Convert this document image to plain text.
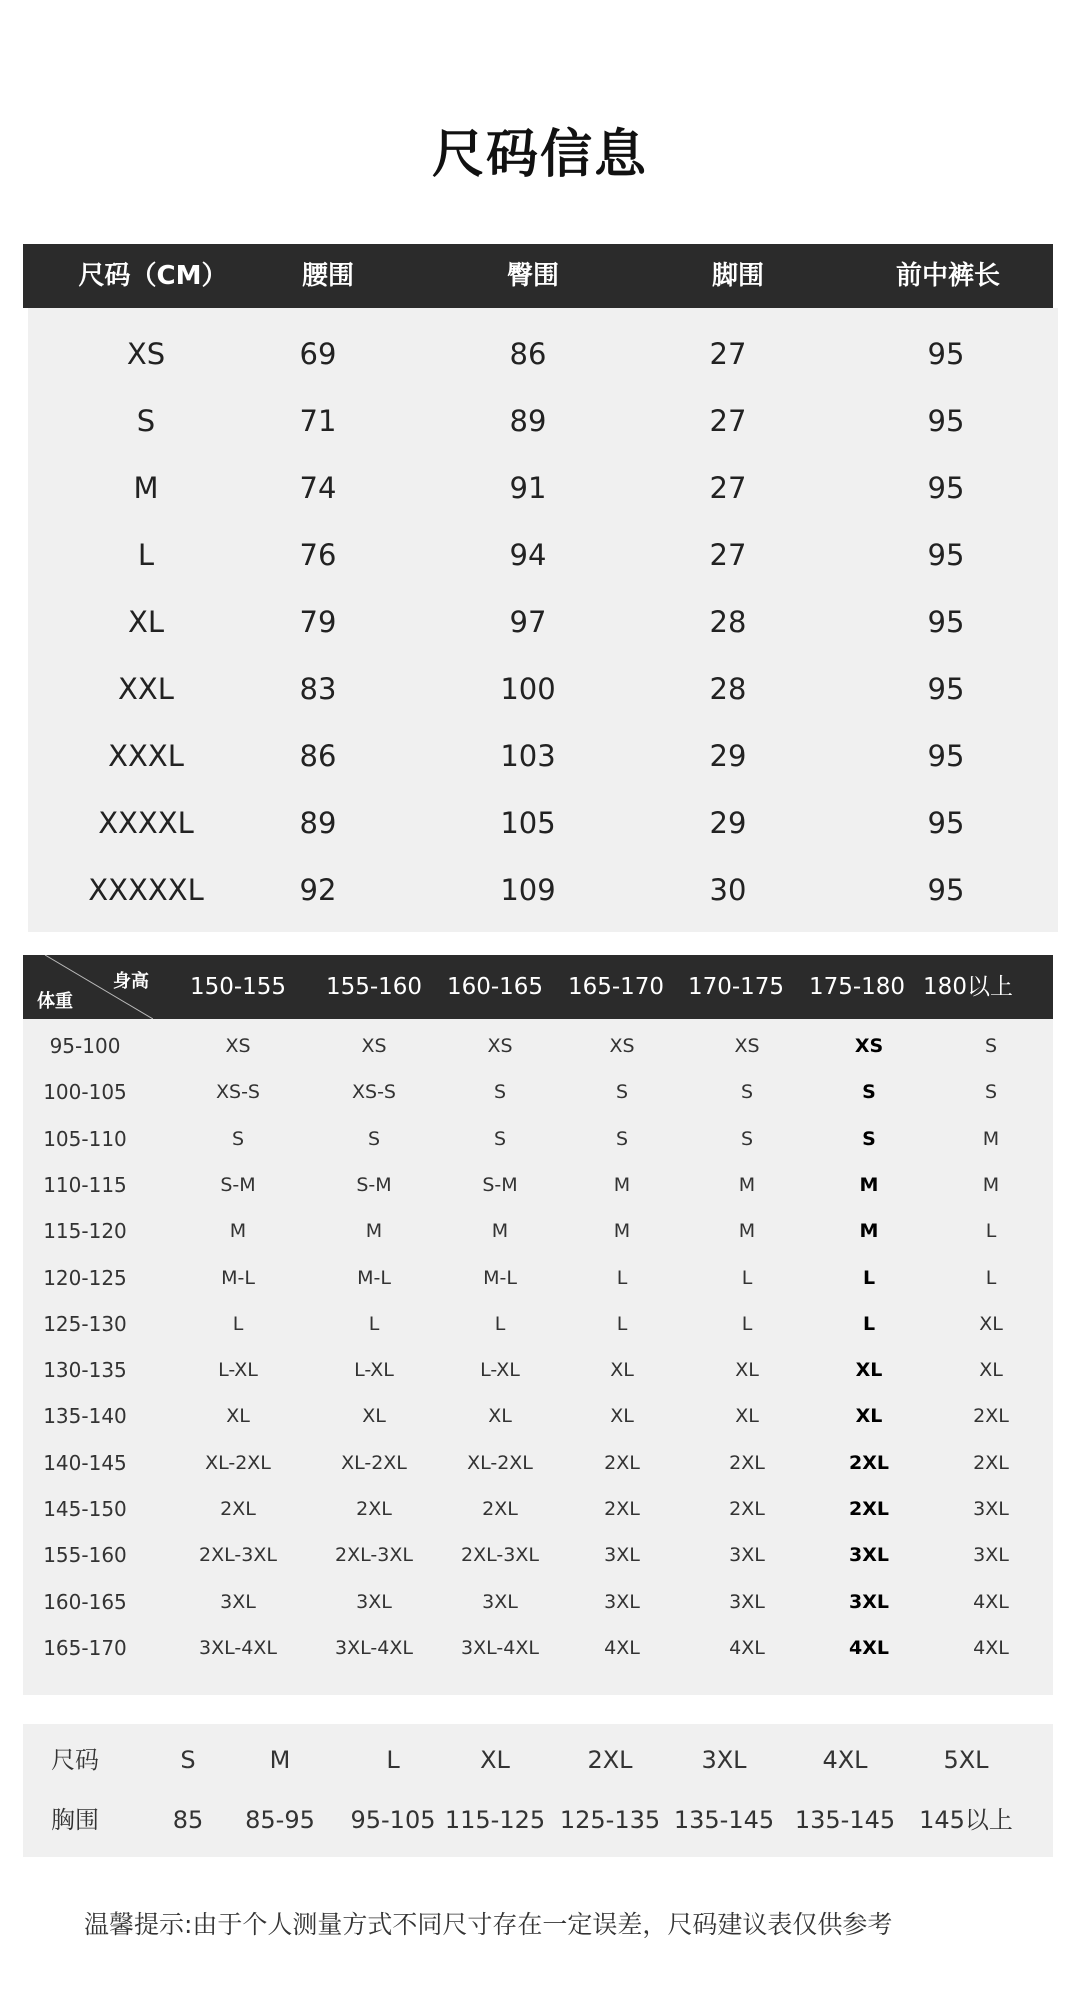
尺码信息
尺码（CM）	腰围	臀围	脚围	前中裤长
XS	69	86	27	95
S	71	89	27	95
M	74	91	27	95
L	76	94	27	95
XL	79	97	28	95
XXL	83	100	28	95
XXXL	86	103	29	95
XXXXL	89	105	29	95
XXXXXL	92	109	30	95
身高
体重
150-155	155-160	160-165	165-170	170-175	175-180 180以上
95-100	XS	XS	XS	XS	XS	XS	S
100-105	XS-S	XS-S	S	S	S	S	S
105-110	S	S	S	S	S	S	M
110-115	S-M	S-M	S-M	M	M	M	M
115-120	M	M	M	M	M	M	L
120-125	M-L	M-L	M-L	L	L	L	L
125-130	L	L	L	L	L	L	XL
130-135	L-XL	L-XL	L-XL	XL	XL	XL	XL
135-140	XL	XL	XL	XL	XL	XL	2XL
140-145	XL-2XL	XL-2XL	XL-2XL	2XL	2XL	2XL	2XL
145-150	2XL	2XL	2XL	2XL	2XL	2XL	3XL
155-160	2XL-3XL	2XL-3XL	2XL-3XL	3XL	3XL	3XL	3XL
160-165	3XL	3XL	3XL	3XL	3XL	3XL	4XL
165-170	3XL-4XL	3XL-4XL	3XL-4XL	4XL	4XL	4XL	4XL
尺码	S	M	L	XL	2XL	3XL	4XL	5XL
胸围	85	85-95	95-105 115-125 125-135 135-145 135-145 145以上
温馨提示:由于个人测量方式不同尺寸存在一定误差，尺码建议表仅供参考
